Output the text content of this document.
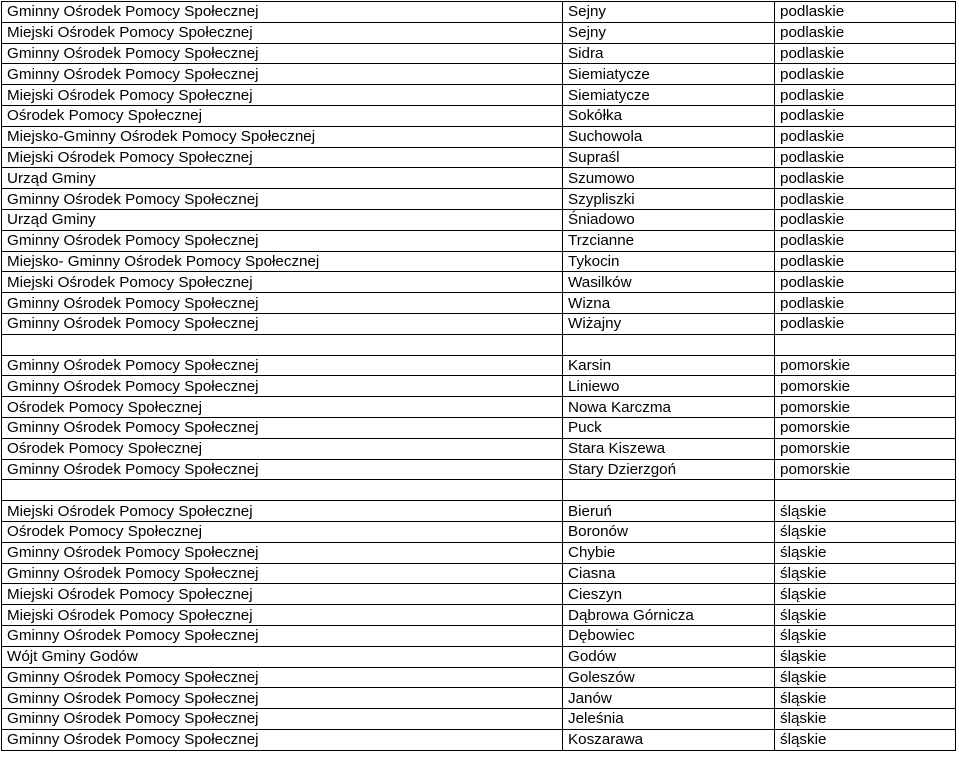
Gminny Ośrodek Pomocy Społecznej	Sejny	podlaskie
Miejski Ośrodek Pomocy Społecznej	Sejny	podlaskie
Gminny Ośrodek Pomocy Społecznej	Sidra	podlaskie
Gminny Ośrodek Pomocy Społecznej	Siemiatycze	podlaskie
Miejski Ośrodek Pomocy Społecznej	Siemiatycze	podlaskie
Ośrodek Pomocy Społecznej	Sokółka	podlaskie
Miejsko-Gminny Ośrodek Pomocy Społecznej	Suchowola	podlaskie
Miejski Ośrodek Pomocy Społecznej	Supraśl	podlaskie
Urząd Gminy	Szumowo	podlaskie
Gminny Ośrodek Pomocy Społecznej	Szypliszki	podlaskie
Urząd Gminy	Śniadowo	podlaskie
Gminny Ośrodek Pomocy Społecznej	Trzcianne	podlaskie
Miejsko- Gminny Ośrodek Pomocy Społecznej	Tykocin	podlaskie
Miejski Ośrodek Pomocy Społecznej	Wasilków	podlaskie
Gminny Ośrodek Pomocy Społecznej	Wizna	podlaskie
Gminny Ośrodek Pomocy Społecznej	Wiżajny	podlaskie

Gminny Ośrodek Pomocy Społecznej	Karsin	pomorskie
Gminny Ośrodek Pomocy Społecznej	Liniewo	pomorskie
Ośrodek Pomocy Społecznej	Nowa Karczma	pomorskie
Gminny Ośrodek Pomocy Społecznej	Puck	pomorskie
Ośrodek Pomocy Społecznej	Stara Kiszewa	pomorskie
Gminny Ośrodek Pomocy Społecznej	Stary Dzierzgoń	pomorskie

Miejski Ośrodek Pomocy Społecznej	Bieruń	śląskie
Ośrodek Pomocy Społecznej	Boronów	śląskie
Gminny Ośrodek Pomocy Społecznej	Chybie	śląskie
Gminny Ośrodek Pomocy Społecznej	Ciasna	śląskie
Miejski Ośrodek Pomocy Społecznej	Cieszyn	śląskie
Miejski Ośrodek Pomocy Społecznej	Dąbrowa Górnicza	śląskie
Gminny Ośrodek Pomocy Społecznej	Dębowiec	śląskie
Wójt Gminy Godów	Godów	śląskie
Gminny Ośrodek Pomocy Społecznej	Goleszów	śląskie
Gminny Ośrodek Pomocy Społecznej	Janów	śląskie
Gminny Ośrodek Pomocy Społecznej	Jeleśnia	śląskie
Gminny Ośrodek Pomocy Społecznej	Koszarawa	śląskie
